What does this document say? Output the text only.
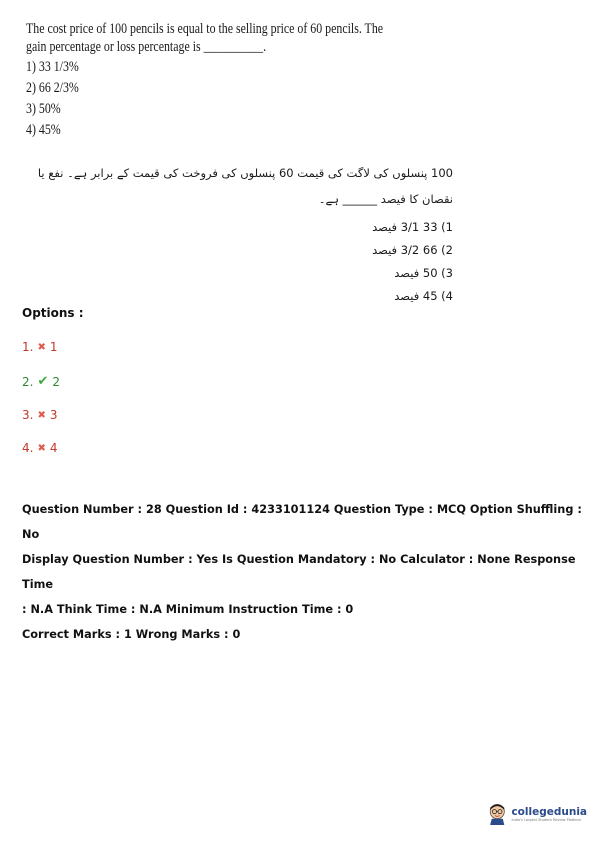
The cost price of 100 pencils is equal to the selling price of 60 pencils. The gain percentage or loss percentage is __________.

1) 33 1/3%

2) 66 2/3%

3) 50%

4) 45%

100 پنسلوں کی لاگت کی قیمت 60 پنسلوں کی فروخت کی قیمت کے برابر ہے۔ نفع یا نقصان کا فیصد ______ ہے۔
1) 33 3/1 فیصد
2) 66 3/2 فیصد
3) 50 فیصد
4) 45 فیصد
Options :
1. ✖ 1
2. ✔ 2
3. ✖ 3
4. ✖ 4

Question Number : 28 Question Id : 4233101124 Question Type : MCQ Option Shuffling : No

Display Question Number : Yes Is Question Mandatory : No Calculator : None Response Time

: N.A Think Time : N.A Minimum Instruction Time : 0

Correct Marks : 1 Wrong Marks : 0

collegedunia
India's Largest Student Review Platform
